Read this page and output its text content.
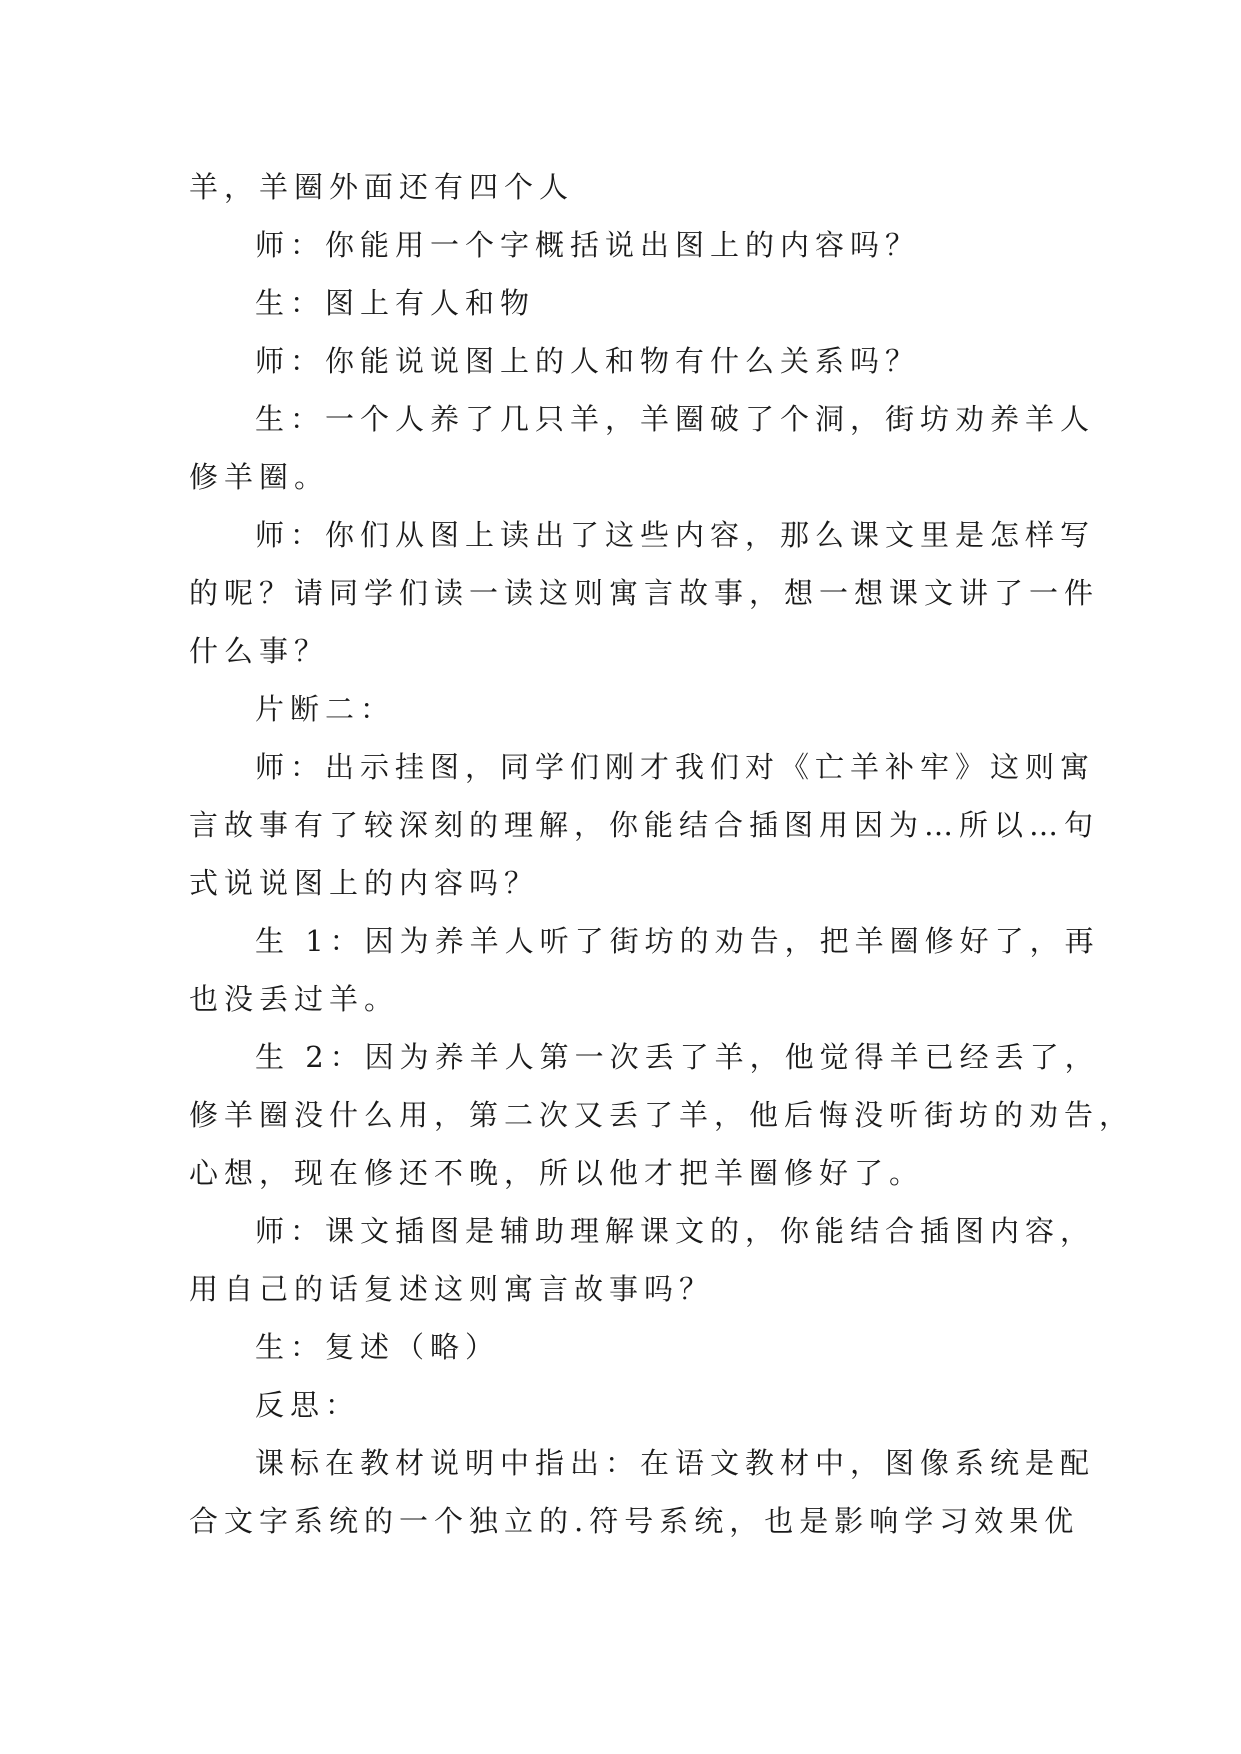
羊，羊圈外面还有四个人
师：你能用一个字概括说出图上的内容吗？
生：图上有人和物
师：你能说说图上的人和物有什么关系吗？
生：一个人养了几只羊，羊圈破了个洞，街坊劝养羊人
修羊圈。
师：你们从图上读出了这些内容，那么课文里是怎样写
的呢？请同学们读一读这则寓言故事，想一想课文讲了一件
什么事？
片断二：
师：出示挂图，同学们刚才我们对《亡羊补牢》这则寓
言故事有了较深刻的理解，你能结合插图用因为…所以…句
式说说图上的内容吗？
生 1：因为养羊人听了街坊的劝告，把羊圈修好了，再
也没丢过羊。
生 2：因为养羊人第一次丢了羊，他觉得羊已经丢了，
修羊圈没什么用，第二次又丢了羊，他后悔没听街坊的劝告，
心想，现在修还不晚，所以他才把羊圈修好了。
师：课文插图是辅助理解课文的，你能结合插图内容，
用自己的话复述这则寓言故事吗？
生：复述（略）
反思：
课标在教材说明中指出：在语文教材中，图像系统是配
合文字系统的一个独立的.符号系统，也是影响学习效果优
